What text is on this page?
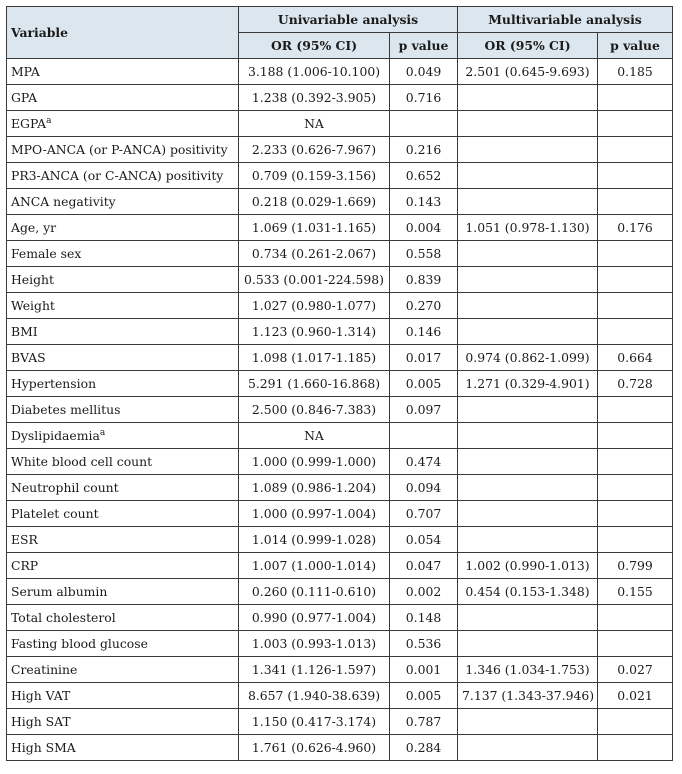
Variable	Univariable analysis		Multivariable analysis	
	OR (95% CI)	p value	OR (95% CI)	p value
MPA	3.188 (1.006-10.100)	0.049	2.501 (0.645-9.693)	0.185
GPA	1.238 (0.392-3.905)	0.716		
EGPA$^a$	NA			
MPO-ANCA (or P-ANCA) positivity	2.233 (0.626-7.967)	0.216		
PR3-ANCA (or C-ANCA) positivity	0.709 (0.159-3.156)	0.652		
ANCA negativity	0.218 (0.029-1.669)	0.143		
Age, yr	1.069 (1.031-1.165)	0.004	1.051 (0.978-1.130)	0.176
Female sex	0.734 (0.261-2.067)	0.558		
Height	0.533 (0.001-224.598)	0.839		
Weight	1.027 (0.980-1.077)	0.270		
BMI	1.123 (0.960-1.314)	0.146		
BVAS	1.098 (1.017-1.185)	0.017	0.974 (0.862-1.099)	0.664
Hypertension	5.291 (1.660-16.868)	0.005	1.271 (0.329-4.901)	0.728
Diabetes mellitus	2.500 (0.846-7.383)	0.097		
Dyslipidaemia$^a$	NA			
White blood cell count	1.000 (0.999-1.000)	0.474		
Neutrophil count	1.089 (0.986-1.204)	0.094		
Platelet count	1.000 (0.997-1.004)	0.707		
ESR	1.014 (0.999-1.028)	0.054		
CRP	1.007 (1.000-1.014)	0.047	1.002 (0.990-1.013)	0.799
Serum albumin	0.260 (0.111-0.610)	0.002	0.454 (0.153-1.348)	0.155
Total cholesterol	0.990 (0.977-1.004)	0.148		
Fasting blood glucose	1.003 (0.993-1.013)	0.536		
Creatinine	1.341 (1.126-1.597)	0.001	1.346 (1.034-1.753)	0.027
High VAT	8.657 (1.940-38.639)	0.005	7.137 (1.343-37.946)	0.021
High SAT	1.150 (0.417-3.174)	0.787		
High SMA	1.761 (0.626-4.960)	0.284		
